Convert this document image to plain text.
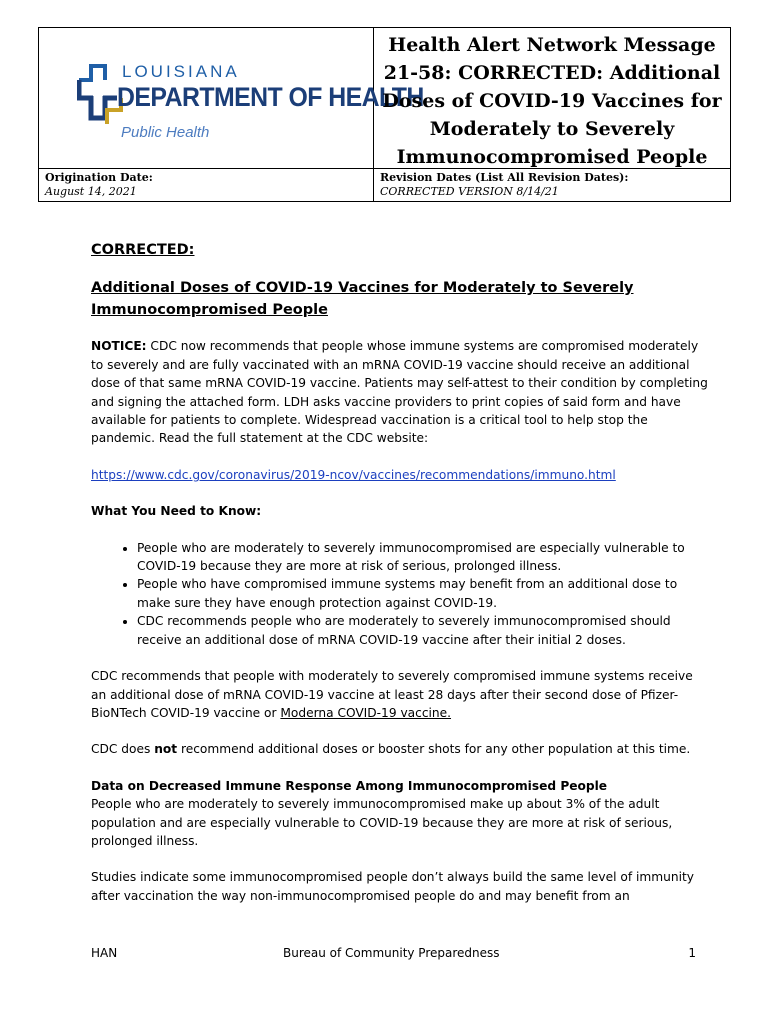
LOUISIANA
DEPARTMENT OF HEALTH
Public Health
Health Alert Network Message 21-58: CORRECTED: Additional Doses of COVID-19 Vaccines for Moderately to Severely Immunocompromised People
Origination Date:
August 14, 2021
Revision Dates (List All Revision Dates):
CORRECTED VERSION 8/14/21

CORRECTED:

Additional Doses of COVID-19 Vaccines for Moderately to Severely Immunocompromised People

NOTICE: CDC now recommends that people whose immune systems are compromised moderately to severely and are fully vaccinated with an mRNA COVID-19 vaccine should receive an additional dose of that same mRNA COVID-19 vaccine. Patients may self-attest to their condition by completing and signing the attached form. LDH asks vaccine providers to print copies of said form and have available for patients to complete. Widespread vaccination is a critical tool to help stop the pandemic. Read the full statement at the CDC website:

https://www.cdc.gov/coronavirus/2019-ncov/vaccines/recommendations/immuno.html

What You Need to Know:

• People who are moderately to severely immunocompromised are especially vulnerable to COVID-19 because they are more at risk of serious, prolonged illness.
• People who have compromised immune systems may benefit from an additional dose to make sure they have enough protection against COVID-19.
• CDC recommends people who are moderately to severely immunocompromised should receive an additional dose of mRNA COVID-19 vaccine after their initial 2 doses.

CDC recommends that people with moderately to severely compromised immune systems receive an additional dose of mRNA COVID-19 vaccine at least 28 days after their second dose of Pfizer-BioNTech COVID-19 vaccine or Moderna COVID-19 vaccine.

CDC does not recommend additional doses or booster shots for any other population at this time.

Data on Decreased Immune Response Among Immunocompromised People

People who are moderately to severely immunocompromised make up about 3% of the adult population and are especially vulnerable to COVID-19 because they are more at risk of serious, prolonged illness.

Studies indicate some immunocompromised people don’t always build the same level of immunity after vaccination the way non-immunocompromised people do and may benefit from an

HAN	Bureau of Community Preparedness	1
